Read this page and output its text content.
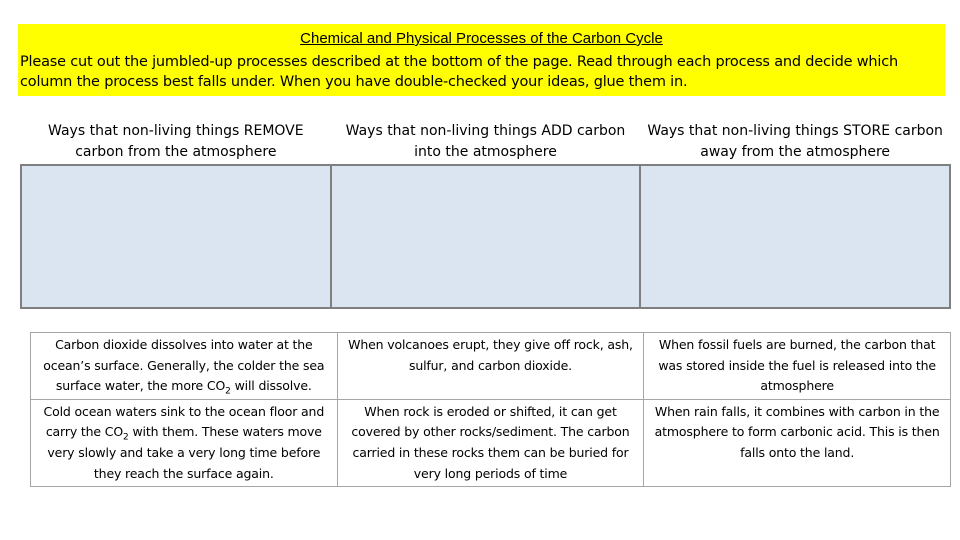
Chemical and Physical Processes of the Carbon Cycle
Please cut out the jumbled-up processes described at the bottom of the page. Read through each process and decide which column the process best falls under. When you have double-checked your ideas, glue them in.
Ways that non-living things REMOVE carbon from the atmosphere	Ways that non-living things ADD carbon into the atmosphere	Ways that non-living things STORE carbon away from the atmosphere

Carbon dioxide dissolves into water at the ocean’s surface. Generally, the colder the sea surface water, the more $CO_2$ will dissolve.	When volcanoes erupt, they give off rock, ash, sulfur, and carbon dioxide.	When fossil fuels are burned, the carbon that was stored inside the fuel is released into the atmosphere
Cold ocean waters sink to the ocean floor and carry the $CO_2$ with them. These waters move very slowly and take a very long time before they reach the surface again.	When rock is eroded or shifted, it can get covered by other rocks/sediment. The carbon carried in these rocks them can be buried for very long periods of time	When rain falls, it combines with carbon in the atmosphere to form carbonic acid. This is then falls onto the land.
